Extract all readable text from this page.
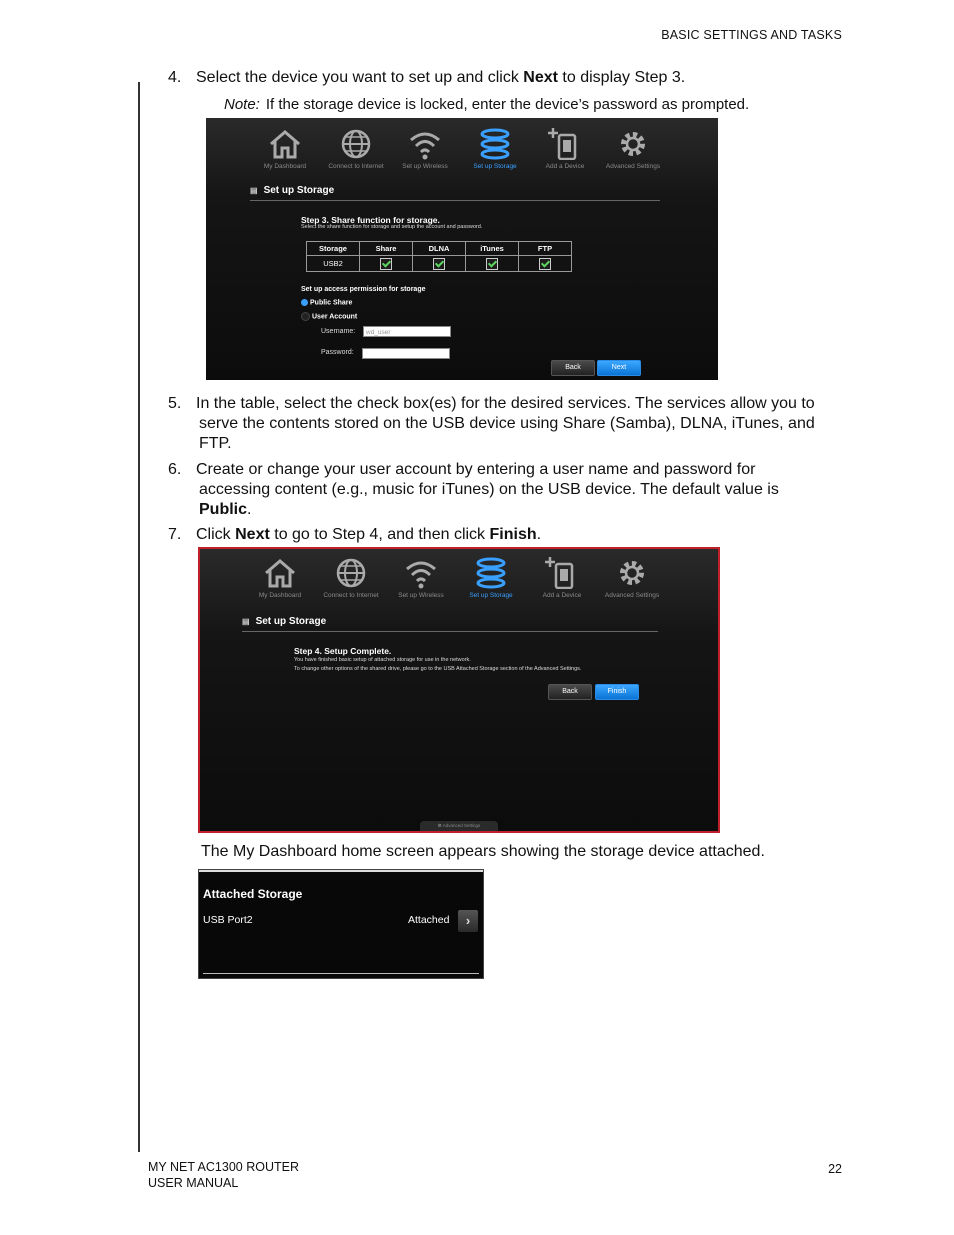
BASIC SETTINGS AND TASKS
4. Select the device you want to set up and click Next to display Step 3.
Note: If the storage device is locked, enter the device’s password as prompted.
My Dashboard	Connect to Internet	Set up Wireless	Set up Storage	Add a Device	Advanced Settings
▤ Set up Storage
Step 3. Share function for storage.
Select the share function for storage and setup the account and password.
Storage	Share	DLNA	iTunes	FTP
USB2				
Set up access permission for storage
Public Share
User Account
Username:	wd_user
Password:
Back	Next
5. In the table, select the check box(es) for the desired services. The services allow you to
serve the contents stored on the USB device using Share (Samba), DLNA, iTunes, and
FTP.
6. Create or change your user account by entering a user name and password for
accessing content (e.g., music for iTunes) on the USB device. The default value is
Public.
7. Click Next to go to Step 4, and then click Finish.
My Dashboard	Connect to Internet	Set up Wireless	Set up Storage	Add a Device	Advanced Settings
▤ Set up Storage
Step 4. Setup Complete.
You have finished basic setup of attached storage for use in the network.
To change other options of the shared drive, please go to the USB Attached Storage section of the Advanced Settings.
Back	Finish
⚙ Advanced Settings
The My Dashboard home screen appears showing the storage device attached.
Attached Storage
USB Port2	Attached	›
MY NET AC1300 ROUTER
USER MANUAL
22
